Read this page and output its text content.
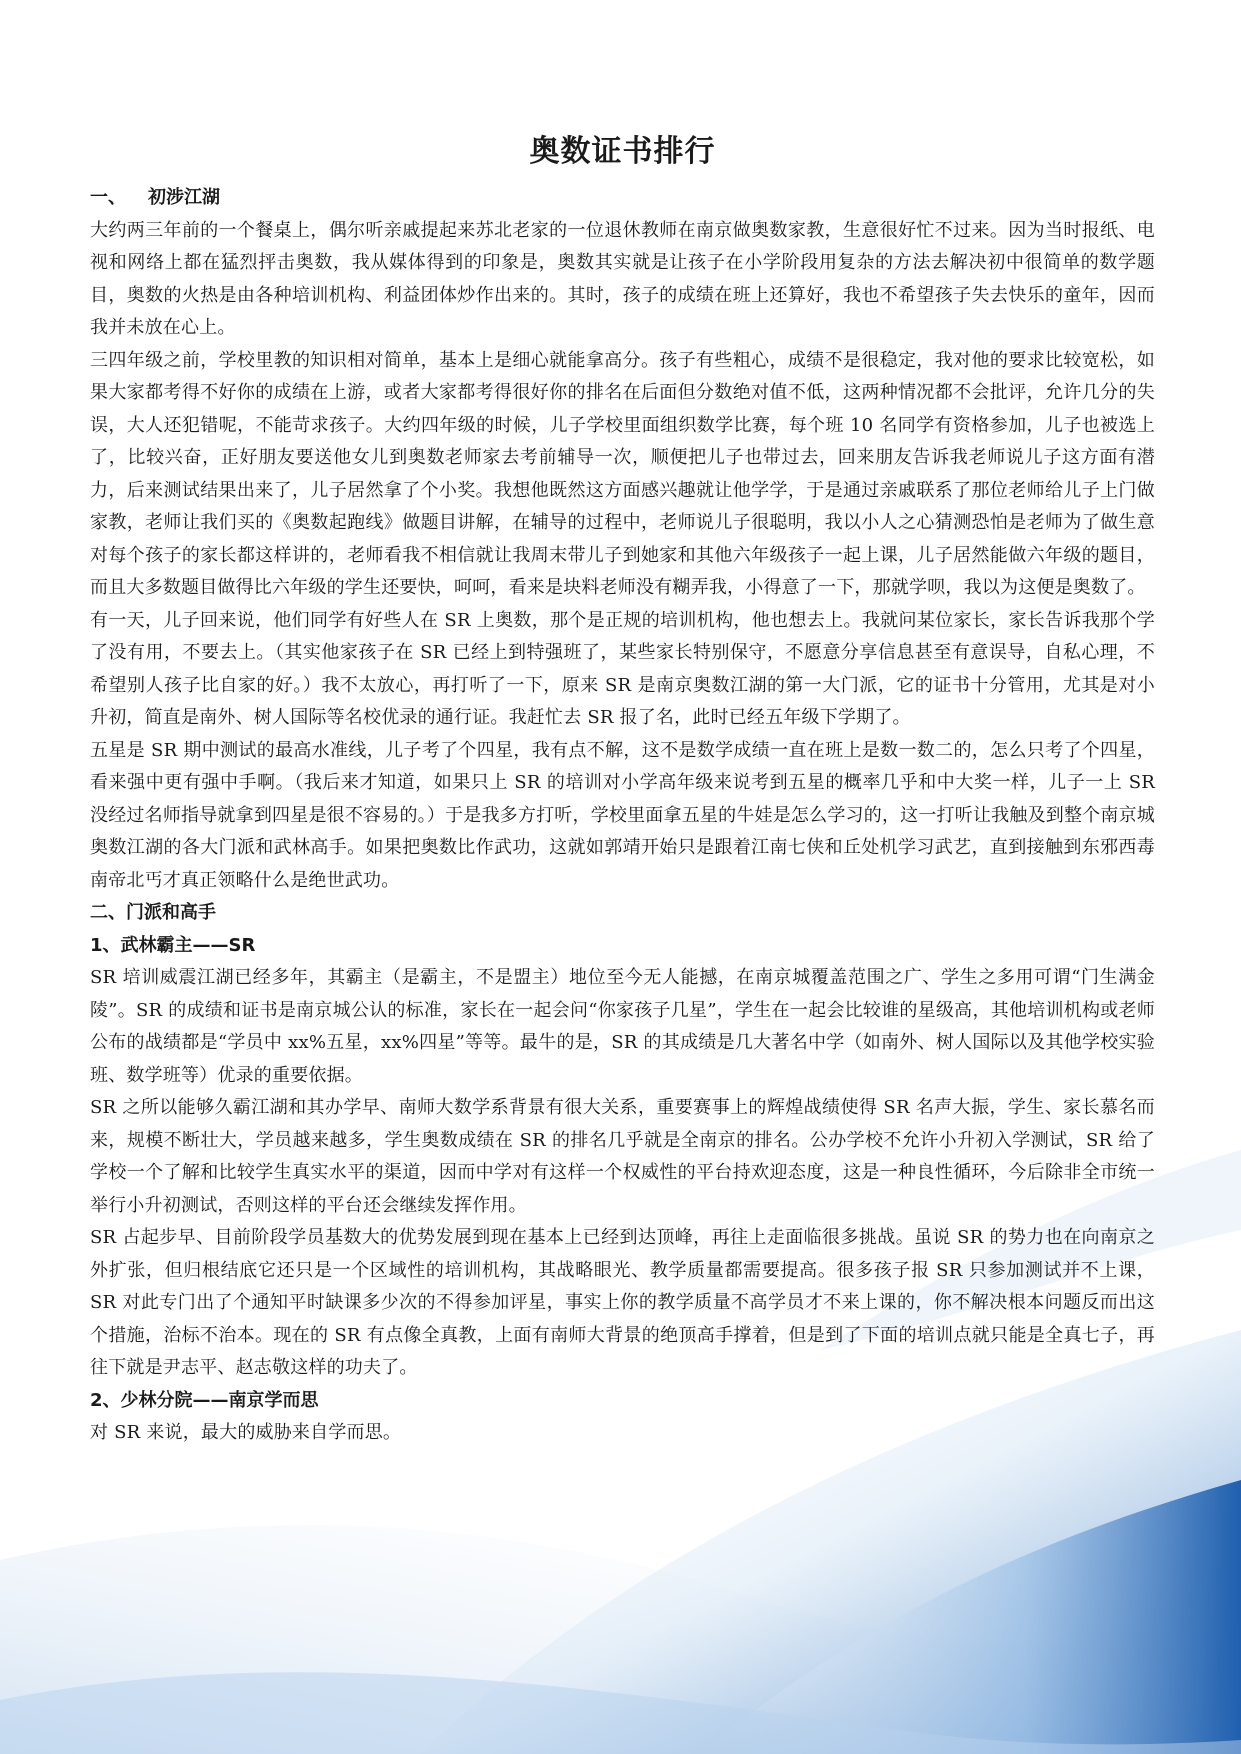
奥数证书排行
一、 初涉江湖

大约两三年前的一个餐桌上，偶尔听亲戚提起来苏北老家的一位退休教师在南京做奥数家教，生意很好忙不过来。因为当时报纸、电视和网络上都在猛烈抨击奥数，我从媒体得到的印象是，奥数其实就是让孩子在小学阶段用复杂的方法去解决初中很简单的数学题目，奥数的火热是由各种培训机构、利益团体炒作出来的。其时，孩子的成绩在班上还算好，我也不希望孩子失去快乐的童年，因而我并未放在心上。

三四年级之前，学校里教的知识相对简单，基本上是细心就能拿高分。孩子有些粗心，成绩不是很稳定，我对他的要求比较宽松，如果大家都考得不好你的成绩在上游，或者大家都考得很好你的排名在后面但分数绝对值不低，这两种情况都不会批评，允许几分的失误，大人还犯错呢，不能苛求孩子。大约四年级的时候，儿子学校里面组织数学比赛，每个班 10 名同学有资格参加，儿子也被选上了，比较兴奋，正好朋友要送他女儿到奥数老师家去考前辅导一次，顺便把儿子也带过去，回来朋友告诉我老师说儿子这方面有潜力，后来测试结果出来了，儿子居然拿了个小奖。我想他既然这方面感兴趣就让他学学，于是通过亲戚联系了那位老师给儿子上门做家教，老师让我们买的《奥数起跑线》做题目讲解，在辅导的过程中，老师说儿子很聪明，我以小人之心猜测恐怕是老师为了做生意对每个孩子的家长都这样讲的，老师看我不相信就让我周末带儿子到她家和其他六年级孩子一起上课，儿子居然能做六年级的题目，而且大多数题目做得比六年级的学生还要快，呵呵，看来是块料老师没有糊弄我，小得意了一下，那就学呗，我以为这便是奥数了。

有一天，儿子回来说，他们同学有好些人在 SR 上奥数，那个是正规的培训机构，他也想去上。我就问某位家长，家长告诉我那个学了没有用，不要去上。（其实他家孩子在 SR 已经上到特强班了，某些家长特别保守，不愿意分享信息甚至有意误导，自私心理，不希望别人孩子比自家的好。）我不太放心，再打听了一下，原来 SR 是南京奥数江湖的第一大门派，它的证书十分管用，尤其是对小升初，简直是南外、树人国际等名校优录的通行证。我赶忙去 SR 报了名，此时已经五年级下学期了。

五星是 SR 期中测试的最高水准线，儿子考了个四星，我有点不解，这不是数学成绩一直在班上是数一数二的，怎么只考了个四星，看来强中更有强中手啊。（我后来才知道，如果只上 SR 的培训对小学高年级来说考到五星的概率几乎和中大奖一样，儿子一上 SR 没经过名师指导就拿到四星是很不容易的。）于是我多方打听，学校里面拿五星的牛娃是怎么学习的，这一打听让我触及到整个南京城奥数江湖的各大门派和武林高手。如果把奥数比作武功，这就如郭靖开始只是跟着江南七侠和丘处机学习武艺，直到接触到东邪西毒南帝北丐才真正领略什么是绝世武功。

二、门派和高手
1、武林霸主——SR

SR 培训威震江湖已经多年，其霸主（是霸主，不是盟主）地位至今无人能撼，在南京城覆盖范围之广、学生之多用可谓“门生满金陵”。SR 的成绩和证书是南京城公认的标准，家长在一起会问“你家孩子几星”，学生在一起会比较谁的星级高，其他培训机构或老师公布的战绩都是“学员中 xx%五星，xx%四星”等等。最牛的是，SR 的其成绩是几大著名中学（如南外、树人国际以及其他学校实验班、数学班等）优录的重要依据。

SR 之所以能够久霸江湖和其办学早、南师大数学系背景有很大关系，重要赛事上的辉煌战绩使得 SR 名声大振，学生、家长慕名而来，规模不断壮大，学员越来越多，学生奥数成绩在 SR 的排名几乎就是全南京的排名。公办学校不允许小升初入学测试，SR 给了学校一个了解和比较学生真实水平的渠道，因而中学对有这样一个权威性的平台持欢迎态度，这是一种良性循环，今后除非全市统一举行小升初测试，否则这样的平台还会继续发挥作用。

SR 占起步早、目前阶段学员基数大的优势发展到现在基本上已经到达顶峰，再往上走面临很多挑战。虽说 SR 的势力也在向南京之外扩张，但归根结底它还只是一个区域性的培训机构，其战略眼光、教学质量都需要提高。很多孩子报 SR 只参加测试并不上课，SR 对此专门出了个通知平时缺课多少次的不得参加评星，事实上你的教学质量不高学员才不来上课的，你不解决根本问题反而出这个措施，治标不治本。现在的 SR 有点像全真教，上面有南师大背景的绝顶高手撑着，但是到了下面的培训点就只能是全真七子，再往下就是尹志平、赵志敬这样的功夫了。

2、少林分院——南京学而思

对 SR 来说，最大的威胁来自学而思。
